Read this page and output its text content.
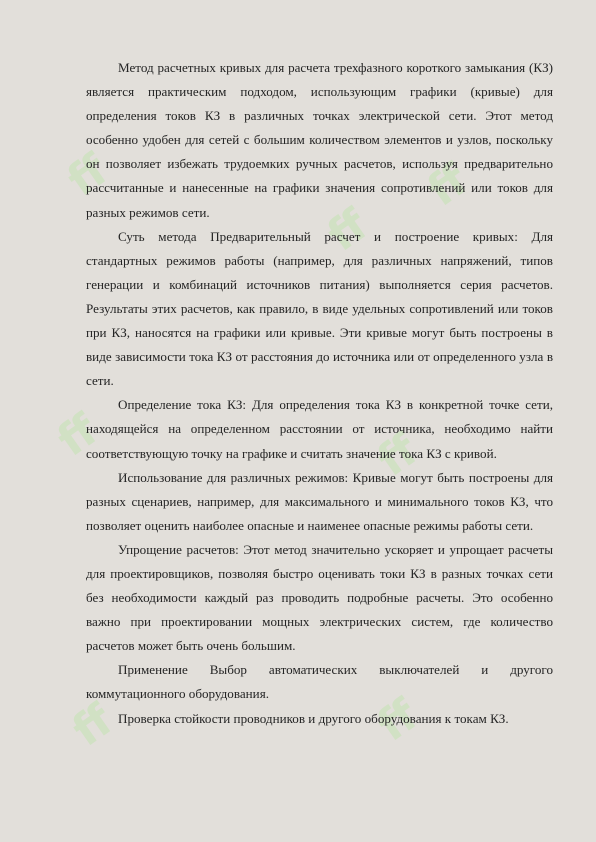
ff
ff
ff
ff	ff
ff	ff

Метод расчетных кривых для расчета трехфазного короткого замыкания (КЗ) является практическим подходом, использующим графики (кривые) для определения токов КЗ в различных точках электрической сети. Этот метод особенно удобен для сетей с большим количеством элементов и узлов, поскольку он позволяет избежать трудоемких ручных расчетов, используя предварительно рассчитанные и нанесенные на графики значения сопротивлений или токов для разных режимов сети.

Суть метода Предварительный расчет и построение кривых: Для стандартных режимов работы (например, для различных напряжений, типов генерации и комбинаций источников питания) выполняется серия расчетов. Результаты этих расчетов, как правило, в виде удельных сопротивлений или токов при КЗ, наносятся на графики или кривые. Эти кривые могут быть построены в виде зависимости тока КЗ от расстояния до источника или от определенного узла в сети.

Определение тока КЗ: Для определения тока КЗ в конкретной точке сети, находящейся на определенном расстоянии от источника, необходимо найти соответствующую точку на графике и считать значение тока КЗ с кривой.

Использование для различных режимов: Кривые могут быть построены для разных сценариев, например, для максимального и минимального токов КЗ, что позволяет оценить наиболее опасные и наименее опасные режимы работы сети.

Упрощение расчетов: Этот метод значительно ускоряет и упрощает расчеты для проектировщиков, позволяя быстро оценивать токи КЗ в разных точках сети без необходимости каждый раз проводить подробные расчеты. Это особенно важно при проектировании мощных электрических систем, где количество расчетов может быть очень большим.

Применение Выбор автоматических выключателей и другого коммутационного оборудования.

Проверка стойкости проводников и другого оборудования к токам КЗ.
